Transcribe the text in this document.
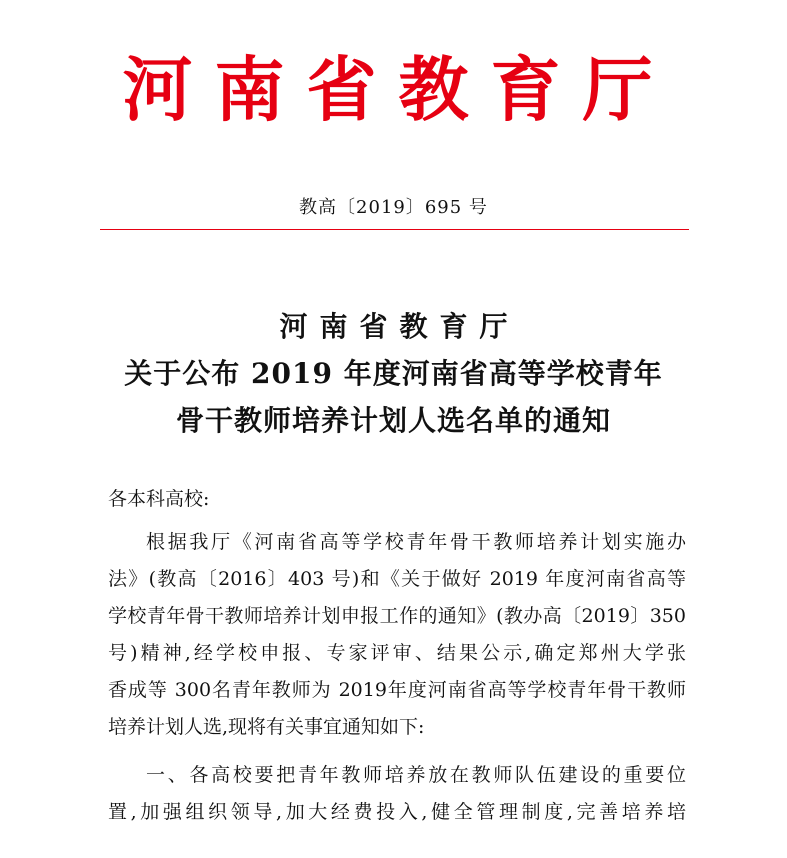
河南省教育厅
教高〔2019〕695 号
河南省教育厅
关于公布 2019 年度河南省高等学校青年
骨干教师培养计划人选名单的通知
各本科高校:
根据我厅《河南省高等学校青年骨干教师培养计划实施办
法》(教高〔2016〕403 号)和《关于做好 2019 年度河南省高等
学校青年骨干教师培养计划申报工作的通知》(教办高〔2019〕350
号)精神,经学校申报、专家评审、结果公示,确定郑州大学张
香成等 300名青年教师为 2019年度河南省高等学校青年骨干教师
培养计划人选,现将有关事宜通知如下:
一、各高校要把青年教师培养放在教师队伍建设的重要位
置,加强组织领导,加大经费投入,健全管理制度,完善培养培
